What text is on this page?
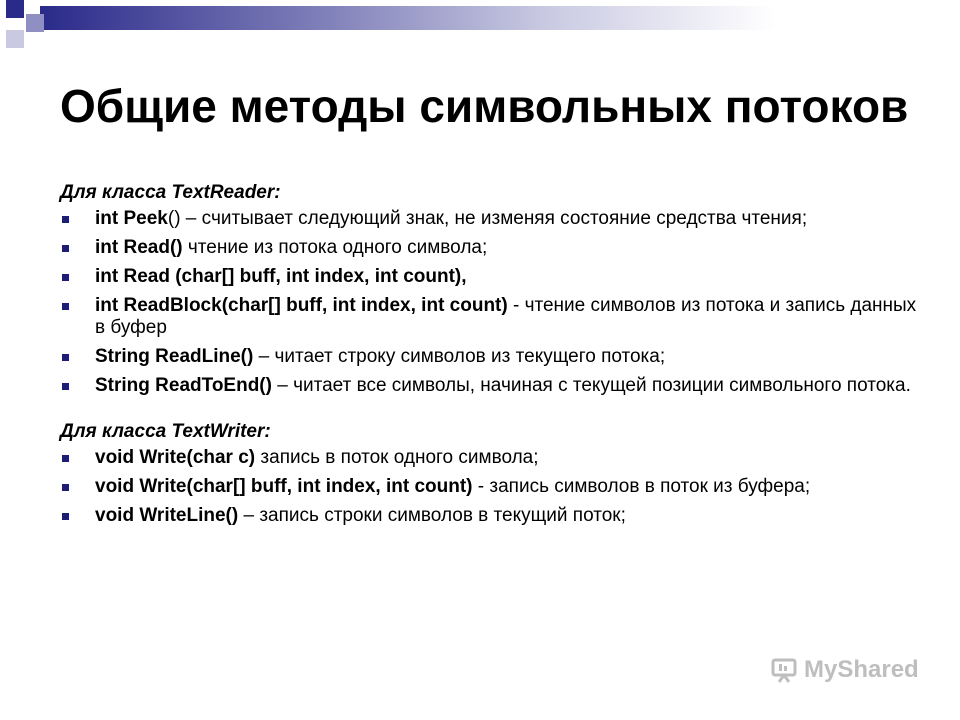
Общие методы символьных потоков
Для класса TextReader:
int Peek() – считывает следующий знак, не изменяя состояние средства чтения;
int Read() чтение из потока одного символа;
int Read (char[] buff, int index, int count),
int ReadBlock(char[] buff, int index, int count) - чтение символов из потока и запись данных в буфер
String ReadLine() – читает строку символов из текущего потока;
String ReadToEnd() – читает все символы, начиная с текущей позиции символьного потока.
Для класса TextWriter:
void Write(char c) запись в поток одного символа;
void Write(char[] buff, int index, int count) - запись символов в поток из буфера;
void WriteLine() – запись строки символов в текущий поток;
MyShared
